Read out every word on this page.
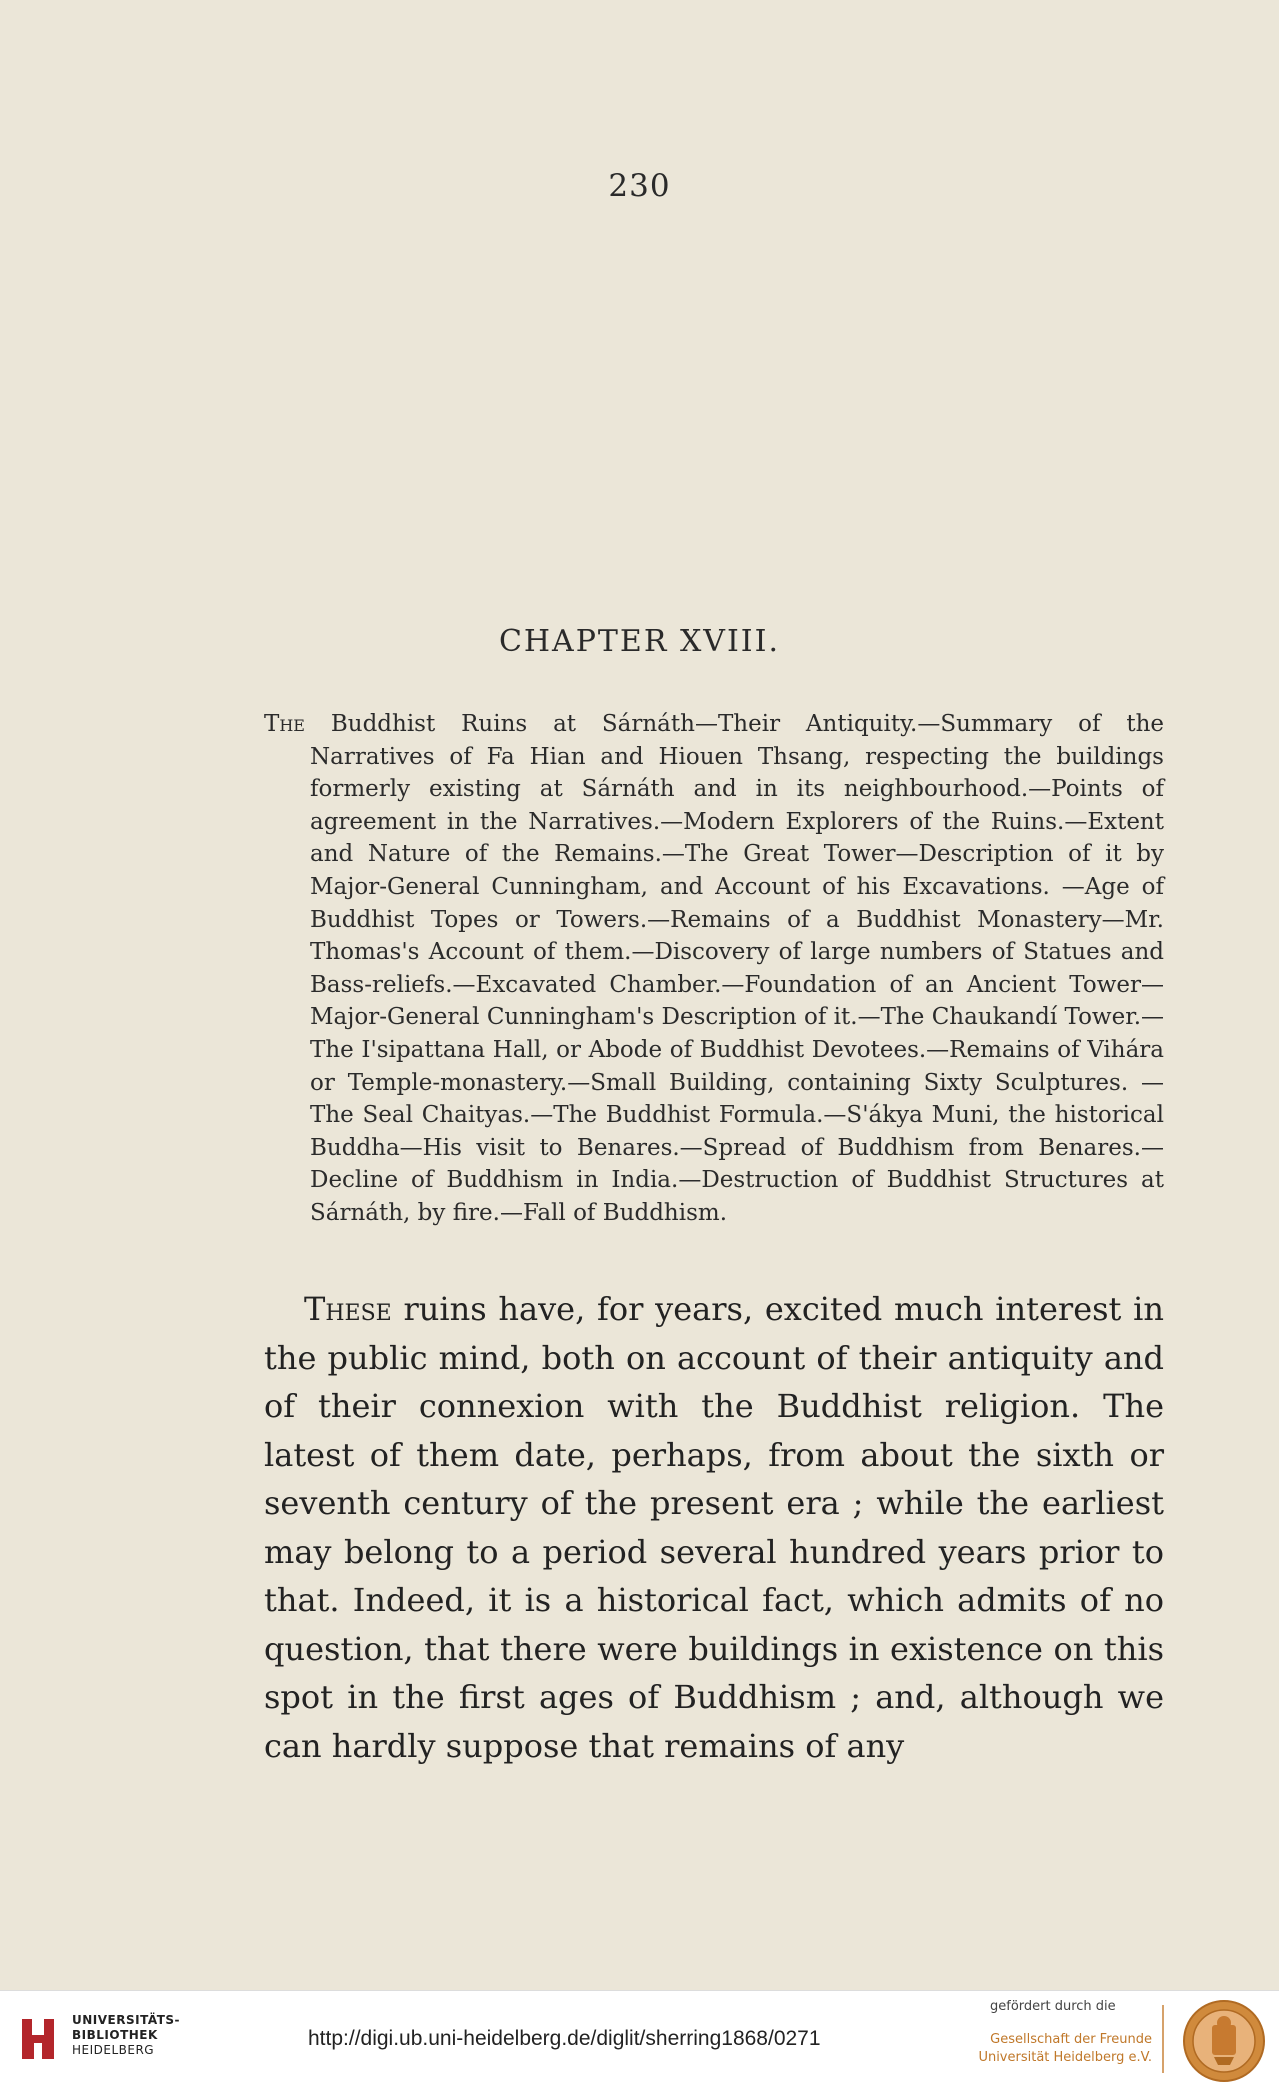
230
CHAPTER XVIII.
The Buddhist Ruins at Sárnáth—Their Antiquity.—Summary of the Narratives of Fa Hian and Hiouen Thsang, respecting the buildings formerly existing at Sárnáth and in its neighbourhood.—Points of agreement in the Narratives.—Modern Explorers of the Ruins.—Extent and Nature of the Remains.—The Great Tower—Description of it by Major-General Cunningham, and Account of his Excavations. —Age of Buddhist Topes or Towers.—Remains of a Buddhist Monastery—Mr. Thomas's Account of them.—Discovery of large numbers of Statues and Bass-reliefs.—Excavated Chamber.—Foundation of an Ancient Tower—Major-General Cunningham's Description of it.—The Chaukandí Tower.—The I'sipattana Hall, or Abode of Buddhist Devotees.—Remains of Vihára or Temple-monastery.—Small Building, containing Sixty Sculptures. — The Seal Chaityas.—The Buddhist Formula.—S'ákya Muni, the historical Buddha—His visit to Benares.—Spread of Buddhism from Benares.—Decline of Buddhism in India.—Destruction of Buddhist Structures at Sárnáth, by fire.—Fall of Buddhism.
These ruins have, for years, excited much interest in the public mind, both on account of their antiquity and of their connexion with the Buddhist religion. The latest of them date, perhaps, from about the sixth or seventh century of the present era ; while the earliest may belong to a period several hundred years prior to that. Indeed, it is a historical fact, which admits of no question, that there were buildings in existence on this spot in the first ages of Buddhism ; and, although we can hardly suppose that remains of any
UNIVERSITÄTS-
BIBLIOTHEK
HEIDELBERG	http://digi.ub.uni-heidelberg.de/diglit/sherring1868/0271
gefördert durch die
Gesellschaft der Freunde
Universität Heidelberg e.V.
